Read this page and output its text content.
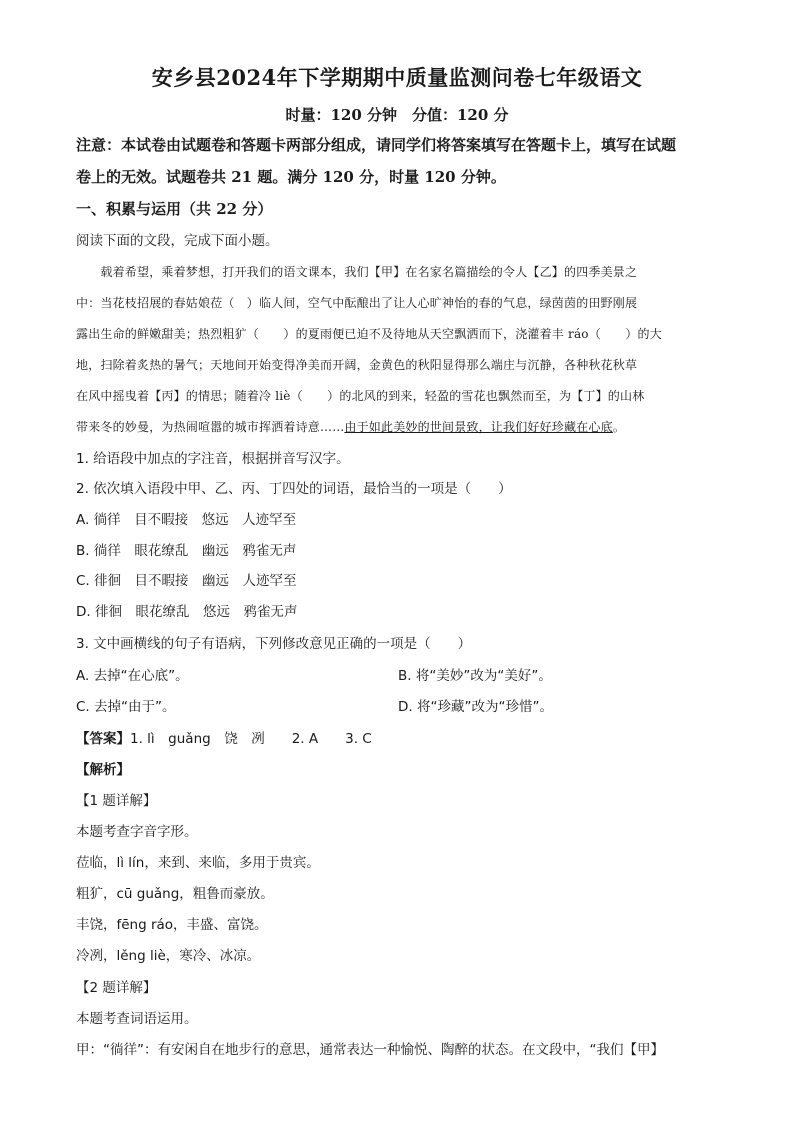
安乡县2024年下学期期中质量监测问卷七年级语文
时量：120 分钟　分值：120 分
注意：本试卷由试题卷和答题卡两部分组成，请同学们将答案填写在答题卡上，填写在试题
卷上的无效。试题卷共 21 题。满分 120 分，时量 120 分钟。
一、积累与运用（共 22 分）
阅读下面的文段，完成下面小题。
　　载着希望，乘着梦想，打开我们的语文课本，我们【甲】在名家名篇描绘的令人【乙】的四季美景之
中：当花枝招展的春姑娘莅（　）临人间，空气中酝酿出了让人心旷神怡的春的气息，绿茵茵的田野刚展
露出生命的鲜嫩甜美；热烈粗犷（　　）的夏雨便已迫不及待地从天空飘洒而下，浇灌着丰 ráo（　　）的大
地，扫除着炙热的暑气；天地间开始变得净美而开阔，金黄色的秋阳显得那么端庄与沉静，各种秋花秋草
在风中摇曳着【丙】的情思；随着冷 liè（　　）的北风的到来，轻盈的雪花也飘然而至，为【丁】的山林
带来冬的妙曼，为热闹喧嚣的城市挥洒着诗意……由于如此美妙的世间景致，让我们好好珍藏在心底。
1. 给语段中加点的字注音，根据拼音写汉字。
2. 依次填入语段中甲、乙、丙、丁四处的词语，最恰当的一项是（　　）
A. 徜徉　目不暇接　悠远　人迹罕至
B. 徜徉　眼花缭乱　幽远　鸦雀无声
C. 徘徊　目不暇接　幽远　人迹罕至
D. 徘徊　眼花缭乱　悠远　鸦雀无声
3. 文中画横线的句子有语病，下列修改意见正确的一项是（　　）
A. 去掉“在心底”。	B. 将“美妙”改为“美好”。
C. 去掉“由于”。	D. 将“珍藏”改为“珍惜”。
【答案】1. lì　guǎng　饶　冽　　2. A　　3. C
【解析】
【1 题详解】
本题考查字音字形。
莅临，lì lín，来到、来临，多用于贵宾。
粗犷，cū guǎng，粗鲁而豪放。
丰饶，fēng ráo，丰盛、富饶。
冷冽，lěng liè，寒冷、冰凉。
【2 题详解】
本题考查词语运用。
甲：“徜徉”：有安闲自在地步行的意思，通常表达一种愉悦、陶醉的状态。在文段中，“我们【甲】
